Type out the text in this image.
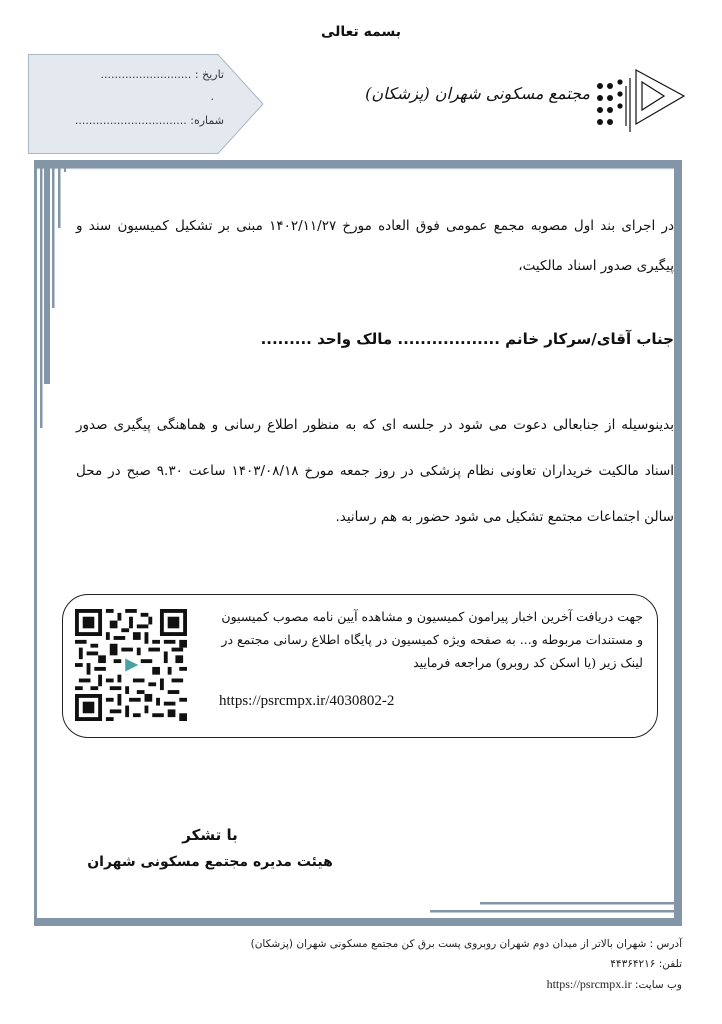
بسمه تعالی
تاریخ : ..........................
.
شماره: ................................
مجتمع مسکونی شهران (پزشکان)
در اجرای بند اول مصوبه مجمع عمومی فوق العاده مورخ ۱۴۰۲/۱۱/۲۷ مبنی بر تشکیل کمیسیون سند و پیگیری صدور اسناد مالکیت،
جناب آقای/سرکار خانم .................. مالک واحد .........
بدینوسیله از جنابعالی دعوت می شود در جلسه ای که به منظور اطلاع رسانی و هماهنگی پیگیری صدور اسناد مالکیت خریداران تعاونی نظام پزشکی در روز جمعه مورخ ۱۴۰۳/۰۸/۱۸ ساعت ۹.۳۰ صبح در محل سالن اجتماعات مجتمع تشکیل می شود حضور به هم رسانید.
جهت دریافت آخرین اخبار پیرامون کمیسیون و مشاهده آیین نامه مصوب کمیسیون و مستندات مربوطه و... به صفحه ویژه کمیسیون در پایگاه اطلاع رسانی مجتمع در لینک زیر (یا اسکن کد روبرو) مراجعه فرمایید
https://psrcmpx.ir/4030802-2
با تشکر
هیئت مدیره مجتمع مسکونی شهران
آدرس : شهران بالاتر از میدان دوم شهران روبروی پست برق کن مجتمع مسکونی شهران (پزشکان)
تلفن: ۴۴۳۶۴۲۱۶
وب سایت: https://psrcmpx.ir
